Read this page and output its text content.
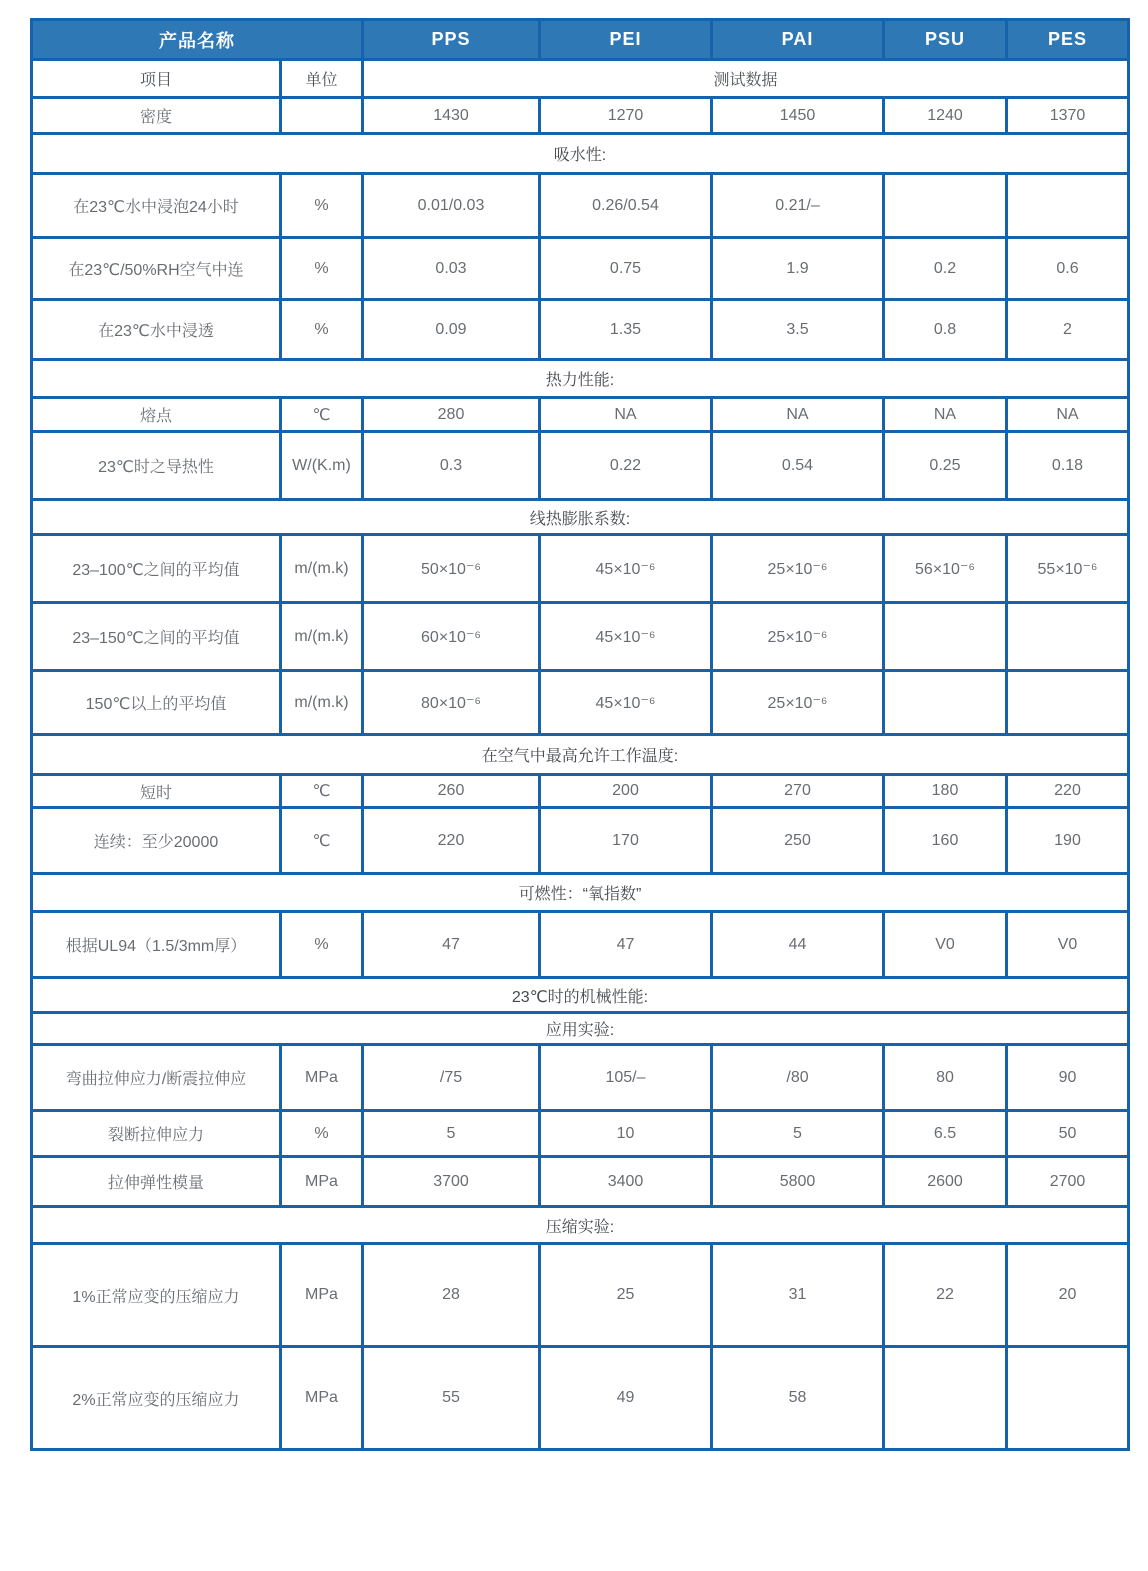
产品名称		PPS	PEI	PAI	PSU	PES
项目	单位	测试数据				
密度		1430	1270	1450	1240	1370
吸水性:						
在23℃水中浸泡24小时	%	0.01/0.03	0.26/0.54	0.21/–		
在23℃/50%RH空气中连	%	0.03	0.75	1.9	0.2	0.6
在23℃水中浸透	%	0.09	1.35	3.5	0.8	2
热力性能:						
熔点	℃	280	NA	NA	NA	NA
23℃时之导热性	W/(K.m)	0.3	0.22	0.54	0.25	0.18
线热膨胀系数:						
23–100℃之间的平均值	m/(m.k)	50×10⁻⁶	45×10⁻⁶	25×10⁻⁶	56×10⁻⁶	55×10⁻⁶
23–150℃之间的平均值	m/(m.k)	60×10⁻⁶	45×10⁻⁶	25×10⁻⁶		
150℃以上的平均值	m/(m.k)	80×10⁻⁶	45×10⁻⁶	25×10⁻⁶		
在空气中最高允许工作温度:						
短时	℃	260	200	270	180	220
连续：至少20000	℃	220	170	250	160	190
可燃性：“氧指数”						
根据UL94（1.5/3mm厚）	%	47	47	44	V0	V0
23℃时的机械性能:						
应用实验:						
弯曲拉伸应力/断震拉伸应	MPa	/75	105/–	/80	80	90
裂断拉伸应力	%	5	10	5	6.5	50
拉伸弹性模量	MPa	3700	3400	5800	2600	2700
压缩实验:						
1%正常应变的压缩应力	MPa	28	25	31	22	20
2%正常应变的压缩应力	MPa	55	49	58		
